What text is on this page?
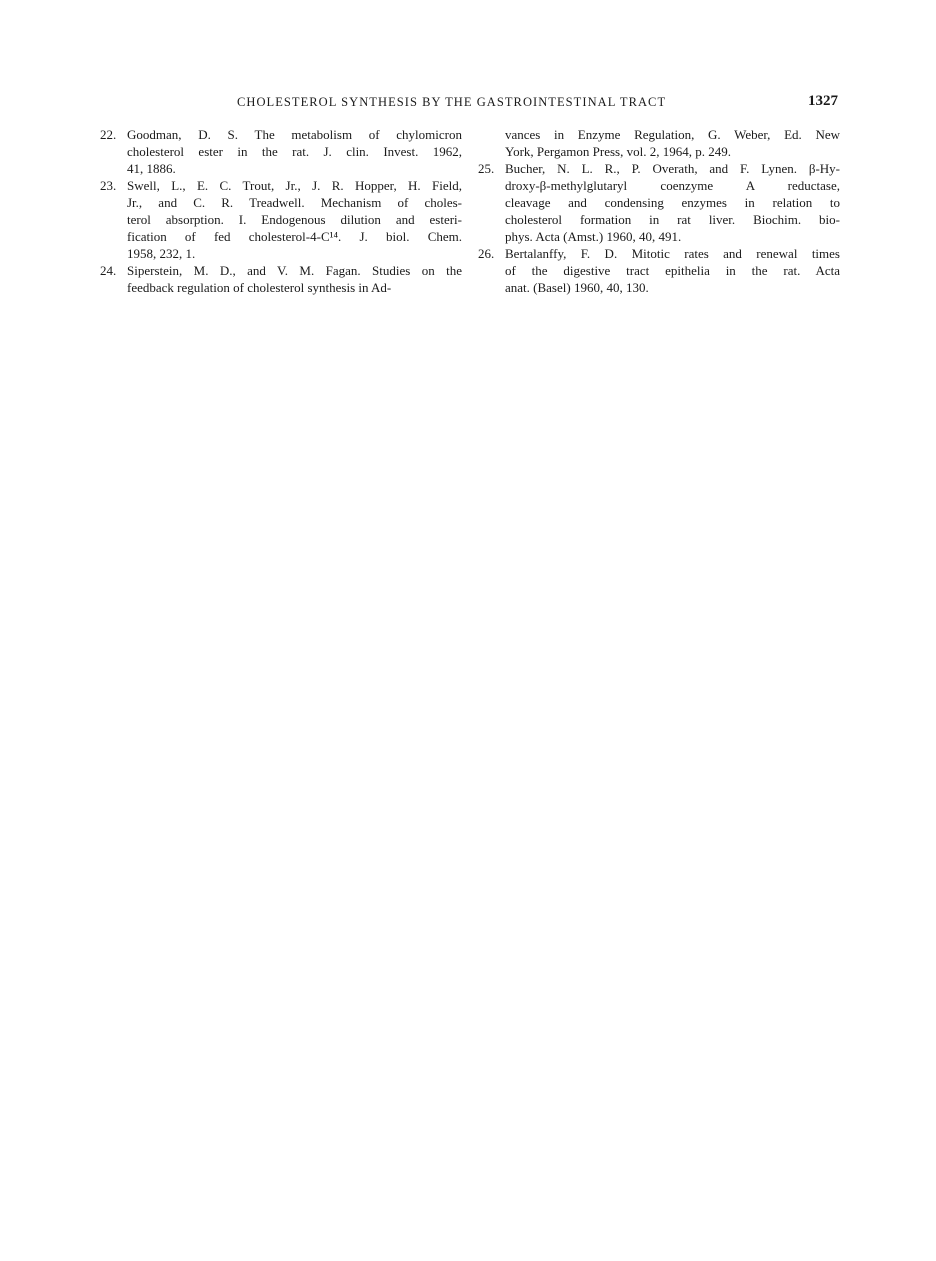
CHOLESTEROL SYNTHESIS BY THE GASTROINTESTINAL TRACT	1327
22. Goodman, D. S. The metabolism of chylomicron
cholesterol ester in the rat. J. clin. Invest. 1962,
41, 1886.
23. Swell, L., E. C. Trout, Jr., J. R. Hopper, H. Field,
Jr., and C. R. Treadwell. Mechanism of choles-
terol absorption. I. Endogenous dilution and esteri-
fication of fed cholesterol-4-C¹⁴. J. biol. Chem.
1958, 232, 1.
24. Siperstein, M. D., and V. M. Fagan. Studies on the
feedback regulation of cholesterol synthesis in Ad-
vances in Enzyme Regulation, G. Weber, Ed. New
York, Pergamon Press, vol. 2, 1964, p. 249.
25. Bucher, N. L. R., P. Overath, and F. Lynen. β-Hy-
droxy-β-methylglutaryl coenzyme A reductase,
cleavage and condensing enzymes in relation to
cholesterol formation in rat liver. Biochim. bio-
phys. Acta (Amst.) 1960, 40, 491.
26. Bertalanffy, F. D. Mitotic rates and renewal times
of the digestive tract epithelia in the rat. Acta
anat. (Basel) 1960, 40, 130.
